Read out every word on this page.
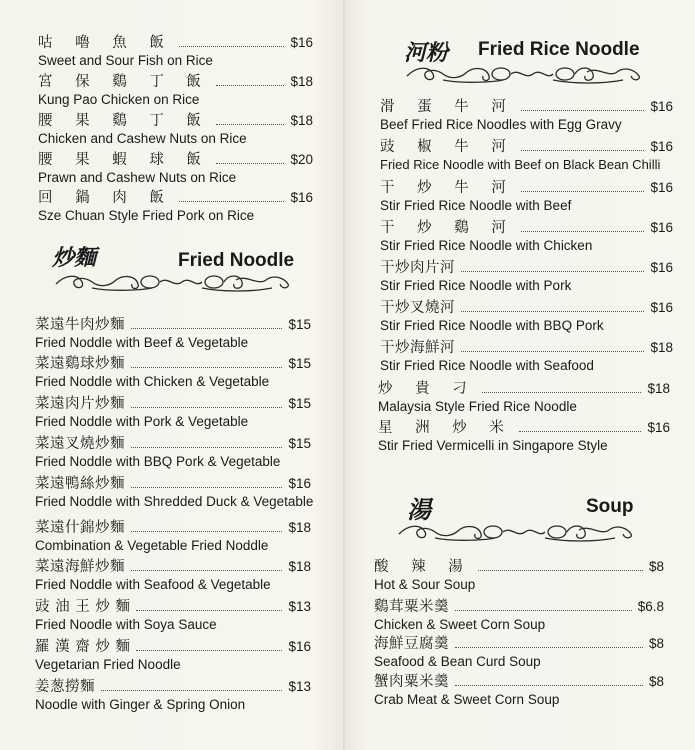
咕 嚕 魚 飯	$16
Sweet and Sour Fish on Rice
宮 保 鷄 丁 飯	$18
Kung Pao Chicken on Rice
腰 果 鷄 丁 飯	$18
Chicken and Cashew Nuts on Rice
腰 果 蝦 球 飯	$20
Prawn and Cashew Nuts on Rice
回 鍋 肉 飯	$16
Sze Chuan Style Fried Pork on Rice
炒麵	Fried Noodle
菜遠牛肉炒麵	$15
Fried Noddle with Beef & Vegetable
菜遠鷄球炒麵	$15
Fried Noddle with Chicken & Vegetable
菜遠肉片炒麵	$15
Fried Noddle with Pork & Vegetable
菜遠叉燒炒麵	$15
Fried Noddle with BBQ Pork & Vegetable
菜遠鴨絲炒麵	$16
Fried Noddle with Shredded Duck & Vegetable
菜遠什錦炒麵	$18
Combination & Vegetable Fried Noddle
菜遠海鮮炒麵	$18
Fried Noddle with Seafood & Vegetable
豉 油 王 炒 麵	$13
Fried Noodle with Soya Sauce
羅 漢 齋 炒 麵	$16
Vegetarian Fried Noodle
姜葱撈麵	$13
Noodle with Ginger & Spring Onion
河粉 Fried Rice Noodle
滑 蛋 牛 河	$16
Beef Fried Rice Noodles with Egg Gravy
豉 椒 牛 河	$16
Fried Rice Noodle with Beef on Black Bean Chilli
干 炒 牛 河	$16
Stir Fried Rice Noodle with Beef
干 炒 鷄 河	$16
Stir Fried Rice Noodle with Chicken
干炒肉片河	$16
Stir Fried Rice Noodle with Pork
干炒叉燒河	$16
Stir Fried Rice Noodle with BBQ Pork
干炒海鮮河	$18
Stir Fried Rice Noodle with Seafood
炒 貴 刁	$18
Malaysia Style Fried Rice Noodle
星 洲 炒 米	$16
Stir Fried Vermicelli in Singapore Style
湯	Soup
酸 辣 湯	$8
Hot & Sour Soup
鷄茸粟米羹	$6.8
Chicken & Sweet Corn Soup
海鮮豆腐羹	$8
Seafood & Bean Curd Soup
蟹肉粟米羹	$8
Crab Meat & Sweet Corn Soup
